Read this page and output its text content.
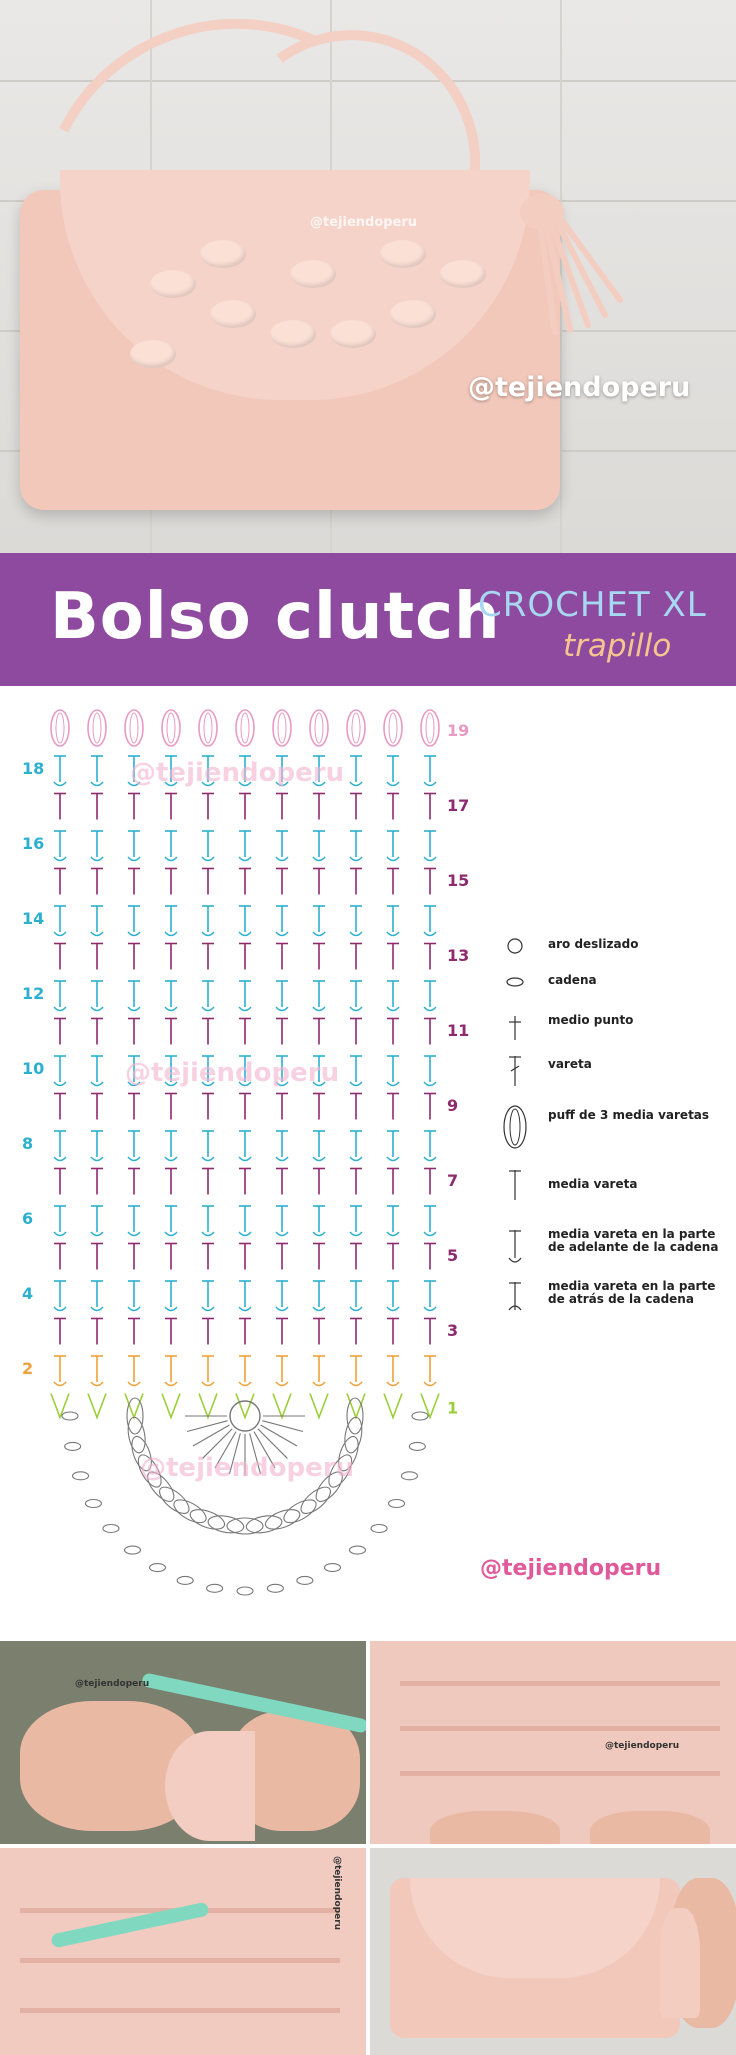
@tejiendoperu
@tejiendoperu
Bolso clutch
CROCHET XL
trapillo
18
16
14
12
10
8
6
4
2
19
17
15
13
11
9
7
5
3
1
@tejiendoperu
@tejiendoperu
@tejiendoperu
aro deslizado
cadena
medio punto
vareta
puff de 3 media varetas
media vareta
media vareta en la parte de adelante de la cadena
media vareta en la parte de atrás de la cadena
@tejiendoperu
@tejiendoperu
@tejiendoperu
@tejiendoperu
